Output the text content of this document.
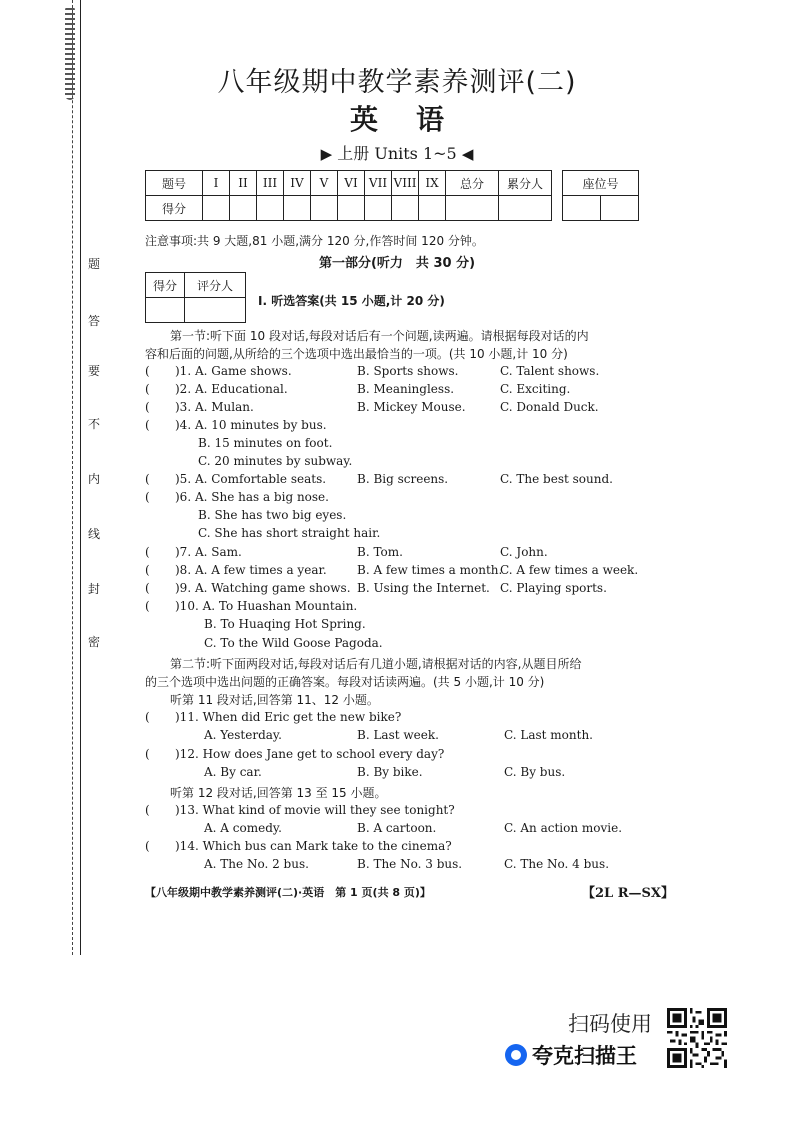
题
答
要
不
内
线
封
密
八年级期中教学素养测评(二)
英语
▶ 上册 Units 1~5 ◀
题号	I	II	III	IV	V	VI	VII	VIII	IX	总分	累分人
得分											
座位号

注意事项:共 9 大题,81 小题,满分 120 分,作答时间 120 分钟。
第一部分(听力　共 30 分)
得分	评分人

I. 听选答案(共 15 小题,计 20 分)
第一节:听下面 10 段对话,每段对话后有一个问题,读两遍。请根据每段对话的内
容和后面的问题,从所给的三个选项中选出最恰当的一项。(共 10 小题,计 10 分)
( )1. A. Game shows.	B. Sports shows.	C. Talent shows.
( )2. A. Educational.	B. Meaningless.	C. Exciting.
( )3. A. Mulan.	B. Mickey Mouse.	C. Donald Duck.
( )4. A. 10 minutes by bus.
B. 15 minutes on foot.
C. 20 minutes by subway.
( )5. A. Comfortable seats.	B. Big screens.	C. The best sound.
( )6. A. She has a big nose.
B. She has two big eyes.
C. She has short straight hair.
( )7. A. Sam.	B. Tom.	C. John.
( )8. A. A few times a year.	B. A few times a month.
C. A few times a week.
( )9. A. Watching game shows. B. Using the Internet. C. Playing sports.
( )10. A. To Huashan Mountain.
B. To Huaqing Hot Spring.
C. To the Wild Goose Pagoda.
第二节:听下面两段对话,每段对话后有几道小题,请根据对话的内容,从题目所给
的三个选项中选出问题的正确答案。每段对话读两遍。(共 5 小题,计 10 分)
听第 11 段对话,回答第 11、12 小题。
( )11. When did Eric get the new bike?
A. Yesterday.	B. Last week.	C. Last month.
( )12. How does Jane get to school every day?
A. By car.	B. By bike.	C. By bus.
听第 12 段对话,回答第 13 至 15 小题。
( )13. What kind of movie will they see tonight?
A. A comedy.	B. A cartoon.	C. An action movie.
( )14. Which bus can Mark take to the cinema?
A. The No. 2 bus.	B. The No. 3 bus.	C. The No. 4 bus.
【八年级期中教学素养测评(二)·英语　第 1 页(共 8 页)】	【2L R—SX】
扫码使用
夸克扫描王
